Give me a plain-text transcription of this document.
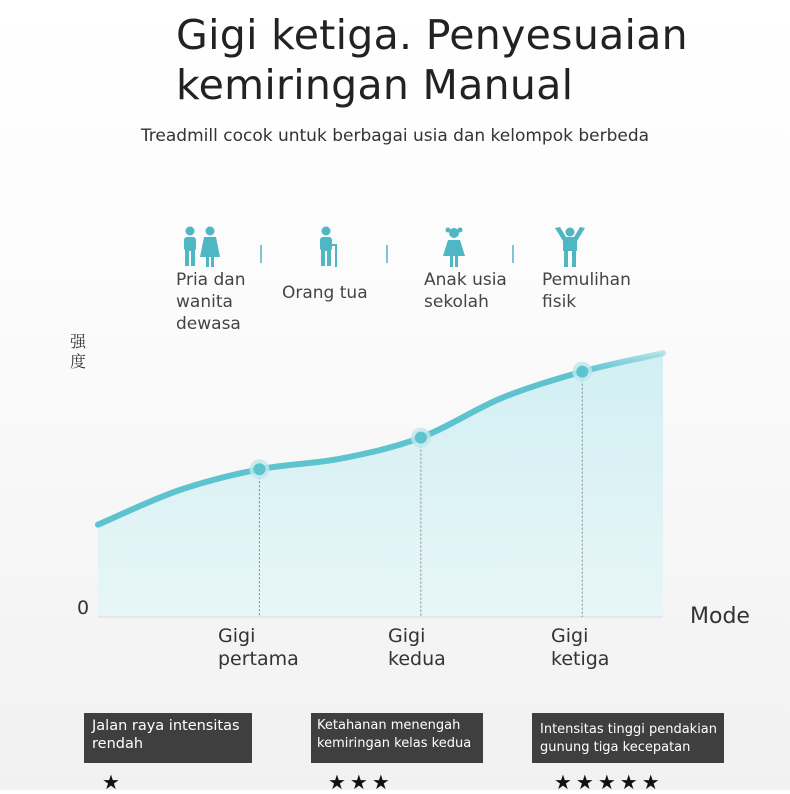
Gigi ketiga. Penyesuaian
kemiringan Manual
Treadmill cocok untuk berbagai usia dan kelompok berbeda
Pria dan
wanita
dewasa
Orang tua
Anak usia
sekolah
Pemulihan
fisik
强度
0	Mode
Gigi
pertama
Gigi
kedua
Gigi
ketiga
Jalan raya intensitas
rendah
Ketahanan menengah
kemiringan kelas kedua
Intensitas tinggi pendakian
gunung tiga kecepatan
★	★★★	★★★★★
